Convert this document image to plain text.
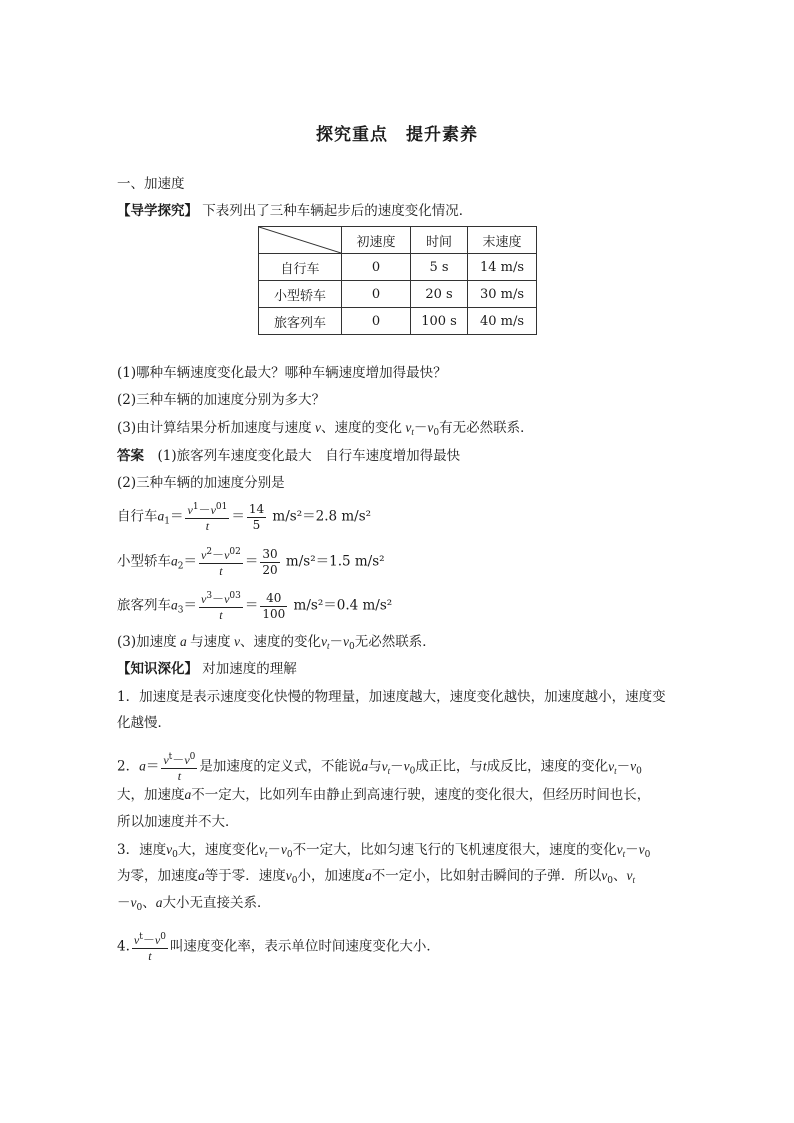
探究重点　提升素养
一、加速度
【导学探究】 下表列出了三种车辆起步后的速度变化情况．
	初速度	时间	末速度
自行车	0	5 s	14 m/s
小型轿车	0	20 s	30 m/s
旅客列车	0	100 s	40 m/s
(1)哪种车辆速度变化最大？哪种车辆速度增加得最快？
(2)三种车辆的加速度分别为多大？
(3)由计算结果分析加速度与速度 v、速度的变化 $v_t-v_0$有无必然联系．
答案　 (1)旅客列车速度变化最大　自行车速度增加得最快
(2)三种车辆的加速度分别是
自行车$a_1= \frac{v^1-v^{01}}{t} = \frac{14}{5} m/s^2=2.8$ m/s²
小型轿车$a_2= \frac{v^2-v^{02}}{t} = \frac{30}{20} m/s^2=1.5$ m/s²
旅客列车$a_3= \frac{v^3-v^{03}}{t} = \frac{40}{100} m/s^2=0.4$ m/s²
(3)加速度 a 与速度 v、速度的变化$v_t-v_0$无必然联系．
【知识深化】 对加速度的理解
1．加速度是表示速度变化快慢的物理量，加速度越大，速度变化越快，加速度越小，速度变
化越慢．
2．$a= \frac{v^t-v^0}{t}$ 是加速度的定义式，不能说a与$v_t-v_0$成正比，与t成反比，速度的变化$v_t-v_0$
大，加速度a不一定大，比如列车由静止到高速行驶，速度的变化很大，但经历时间也长，
所以加速度并不大．
3．速度$v_0$大，速度变化$v_t-v_0$不一定大，比如匀速飞行的飞机速度很大，速度的变化$v_t-v_0$
为零，加速度a等于零．速度$v_0$小，加速度a不一定小，比如射击瞬间的子弹．所以$v_0$、$v_t$
$-v_0$、a大小无直接关系．
4. $\frac{v^t-v^0}{t}$ 叫速度变化率，表示单位时间速度变化大小．
